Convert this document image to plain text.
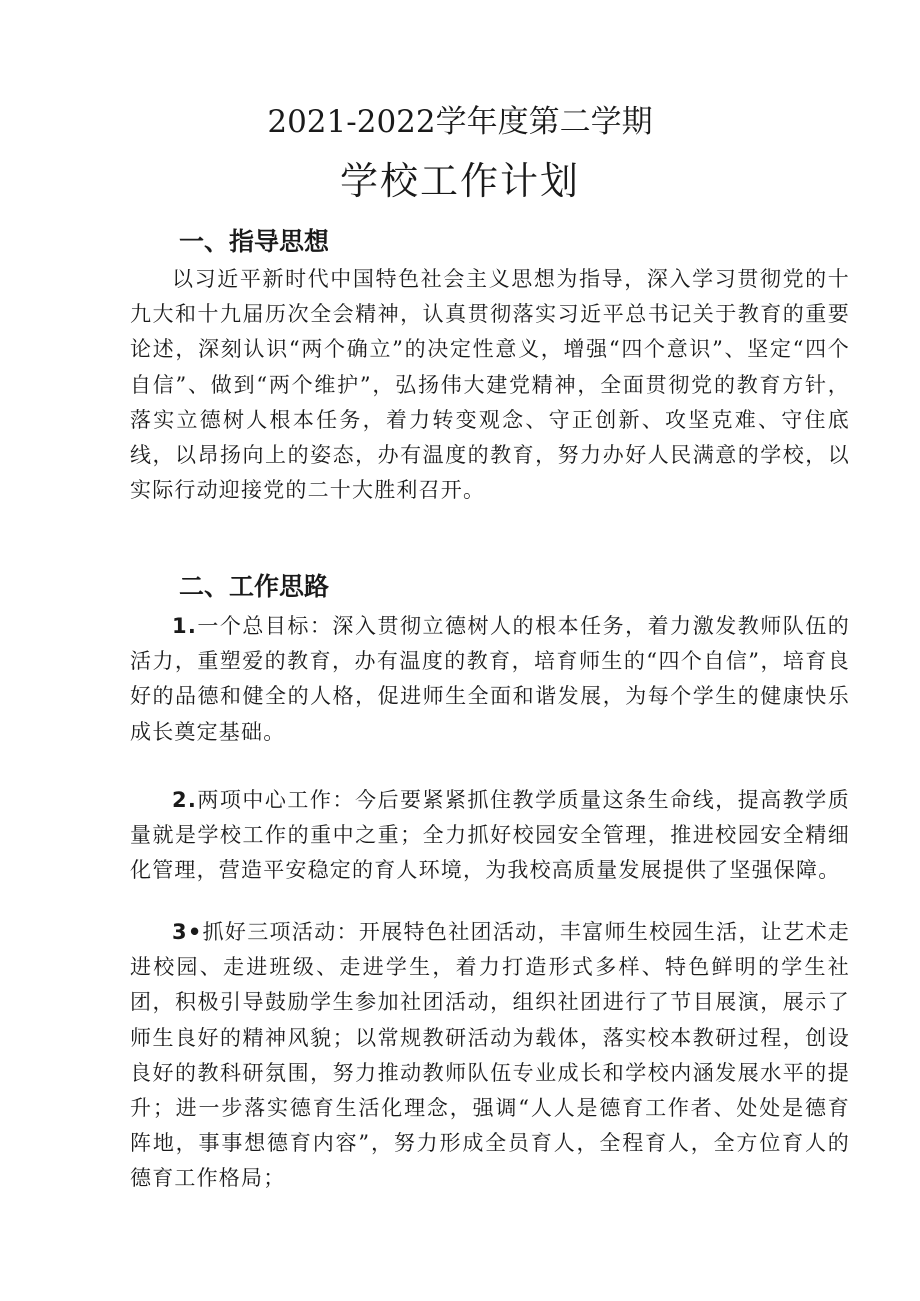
2021-2022学年度第二学期
学校工作计划
一、指导思想

以习近平新时代中国特色社会主义思想为指导，深入学习贯彻党的十九大和十九届历次全会精神，认真贯彻落实习近平总书记关于教育的重要论述，深刻认识“两个确立”的决定性意义，增强“四个意识”、坚定“四个自信”、做到“两个维护”，弘扬伟大建党精神，全面贯彻党的教育方针，落实立德树人根本任务，着力转变观念、守正创新、攻坚克难、守住底线，以昂扬向上的姿态，办有温度的教育，努力办好人民满意的学校，以实际行动迎接党的二十大胜利召开。

二、工作思路

1.一个总目标：深入贯彻立德树人的根本任务，着力激发教师队伍的活力，重塑爱的教育，办有温度的教育，培育师生的“四个自信”，培育良好的品德和健全的人格，促进师生全面和谐发展，为每个学生的健康快乐成长奠定基础。

2.两项中心工作：今后要紧紧抓住教学质量这条生命线，提高教学质量就是学校工作的重中之重；全力抓好校园安全管理，推进校园安全精细化管理，营造平安稳定的育人环境，为我校高质量发展提供了坚强保障。

3•抓好三项活动：开展特色社团活动，丰富师生校园生活，让艺术走进校园、走进班级、走进学生，着力打造形式多样、特色鲜明的学生社团，积极引导鼓励学生参加社团活动，组织社团进行了节目展演，展示了师生良好的精神风貌；以常规教研活动为载体，落实校本教研过程，创设良好的教科研氛围，努力推动教师队伍专业成长和学校内涵发展水平的提升；进一步落实德育生活化理念，强调“人人是德育工作者、处处是德育阵地，事事想德育内容”，努力形成全员育人，全程育人，全方位育人的德育工作格局；
